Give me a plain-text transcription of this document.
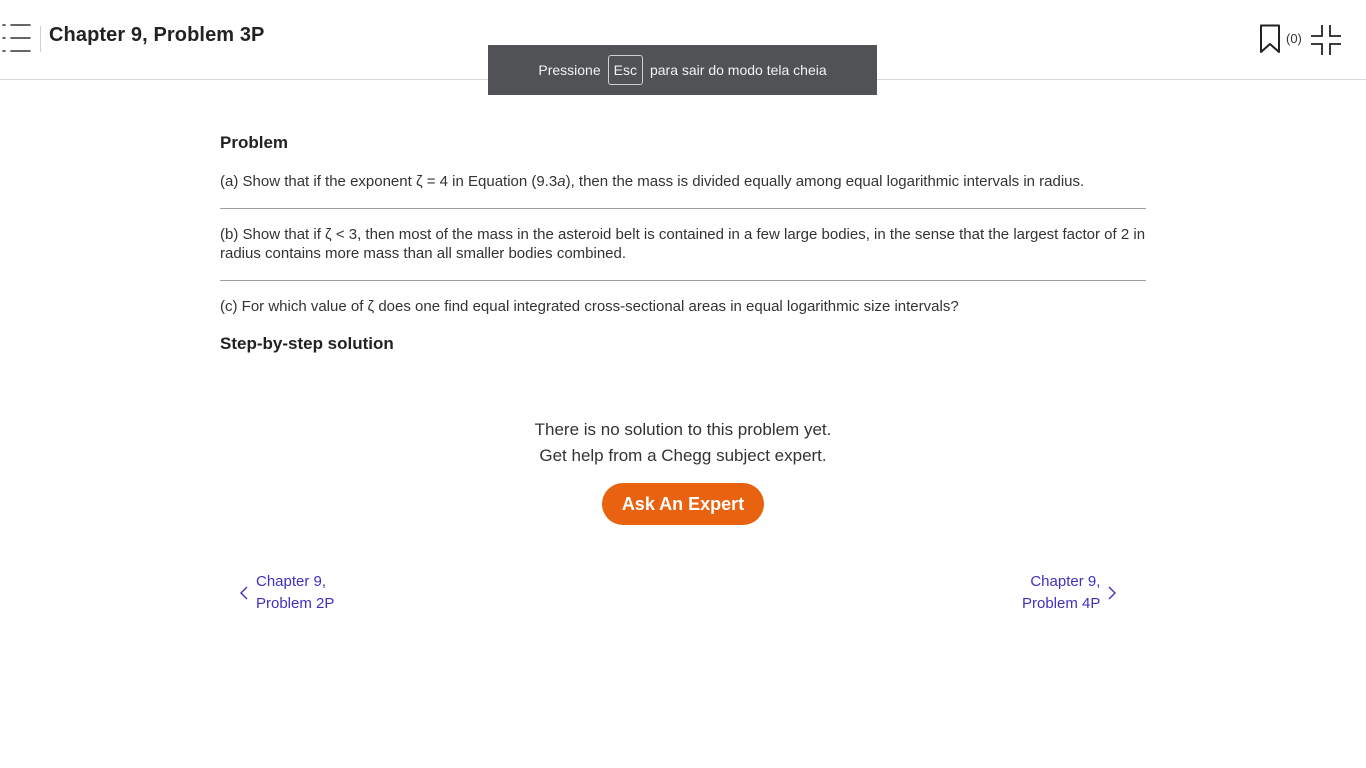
Chapter 9, Problem 3P	(0)
Pressione Esc para sair do modo tela cheia
Problem
(a) Show that if the exponent ζ = 4 in Equation (9.3a), then the mass is divided equally among equal logarithmic intervals in radius.
(b) Show that if ζ < 3, then most of the mass in the asteroid belt is contained in a few large bodies, in the sense that the largest factor of 2 in radius contains more mass than all smaller bodies combined.
(c) For which value of ζ does one find equal integrated cross-sectional areas in equal logarithmic size intervals?
Step-by-step solution
There is no solution to this problem yet.
Get help from a Chegg subject expert.
Ask An Expert
Chapter 9,
Problem 2P
Chapter 9,
Problem 4P
